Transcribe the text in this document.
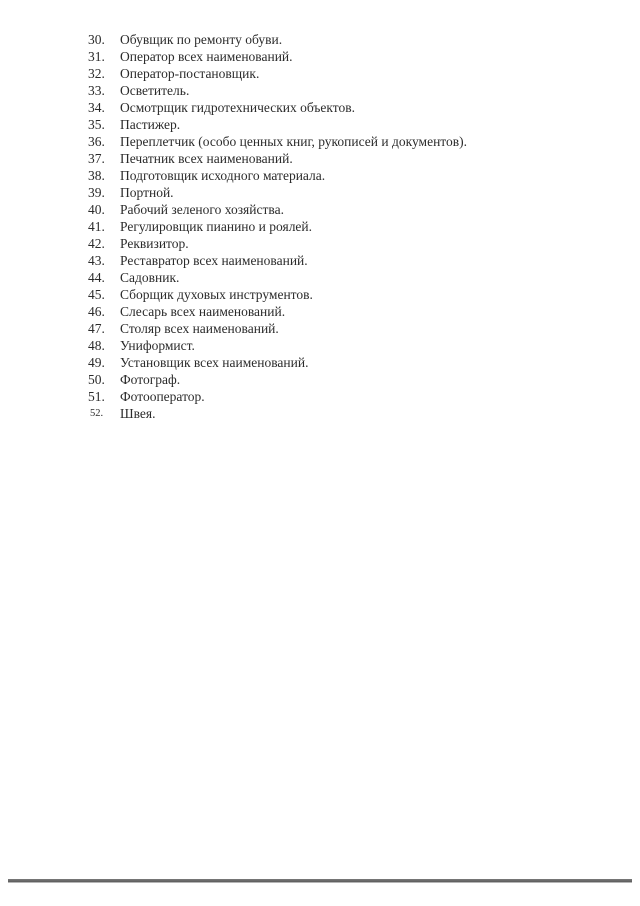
30.	Обувщик по ремонту обуви.
31.	Оператор всех наименований.
32.	Оператор-постановщик.
33.	Осветитель.
34.	Осмотрщик гидротехнических объектов.
35.	Пастижер.
36.	Переплетчик (особо ценных книг, рукописей и документов).
37.	Печатник всех наименований.
38.	Подготовщик исходного материала.
39.	Портной.
40.	Рабочий зеленого хозяйства.
41.	Регулировщик пианино и роялей.
42.	Реквизитор.
43.	Реставратор всех наименований.
44.	Садовник.
45.	Сборщик духовых инструментов.
46.	Слесарь всех наименований.
47.	Столяр всех наименований.
48.	Униформист.
49.	Установщик всех наименований.
50.	Фотограф.
51.	Фотооператор.
52.	Швея.
